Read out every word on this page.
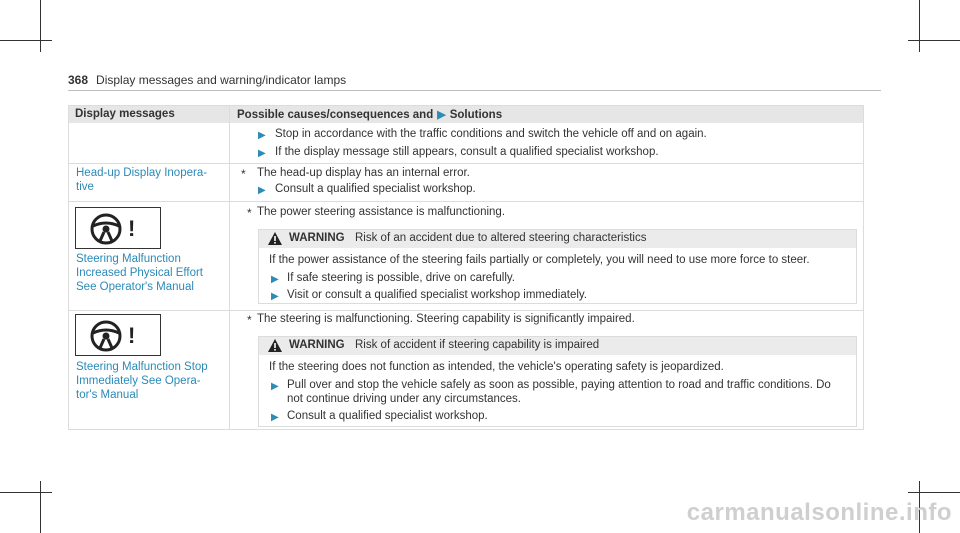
368 Display messages and warning/indicator lamps
Display messages	Possible causes/consequences and ▶ Solutions
▶ Stop in accordance with the traffic conditions and switch the vehicle off and on again.
▶ If the display message still appears, consult a qualified specialist workshop.
Head-up Display Inopera-
tive
* The head-up display has an internal error.
▶ Consult a qualified specialist workshop.
!
Steering Malfunction
Increased Physical Effort
See Operator's Manual
* The power steering assistance is malfunctioning.
WARNING Risk of an accident due to altered steering characteristics
If the power assistance of the steering fails partially or completely, you will need to use more force to steer.
▶ If safe steering is possible, drive on carefully.
▶ Visit or consult a qualified specialist workshop immediately.
!
Steering Malfunction Stop
Immediately See Opera-
tor's Manual
* The steering is malfunctioning. Steering capability is significantly impaired.
WARNING Risk of accident if steering capability is impaired
If the steering does not function as intended, the vehicle's operating safety is jeopardized.
▶ Pull over and stop the vehicle safely as soon as possible, paying attention to road and traffic conditions. Do
not continue driving under any circumstances.
▶ Consult a qualified specialist workshop.
carmanualsonline.info
